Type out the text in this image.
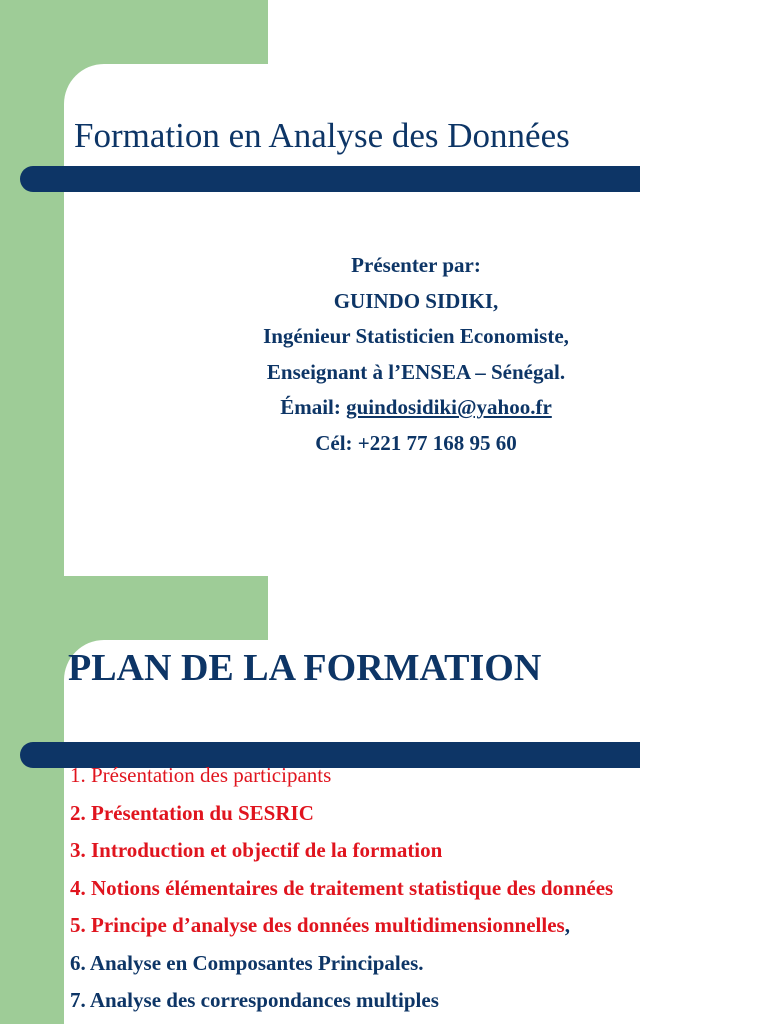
Formation en Analyse des Données
Présenter par:
GUINDO SIDIKI,
Ingénieur Statisticien Economiste,
Enseignant à l’ENSEA – Sénégal.
Émail: guindosidiki@yahoo.fr
Cél: +221 77 168 95 60
PLAN DE LA FORMATION
1. Présentation des participants
2. Présentation du SESRIC
3. Introduction et objectif de la formation
4. Notions élémentaires de traitement statistique des données
5. Principe d’analyse des données multidimensionnelles,
6. Analyse en Composantes Principales.
7. Analyse des correspondances multiples
